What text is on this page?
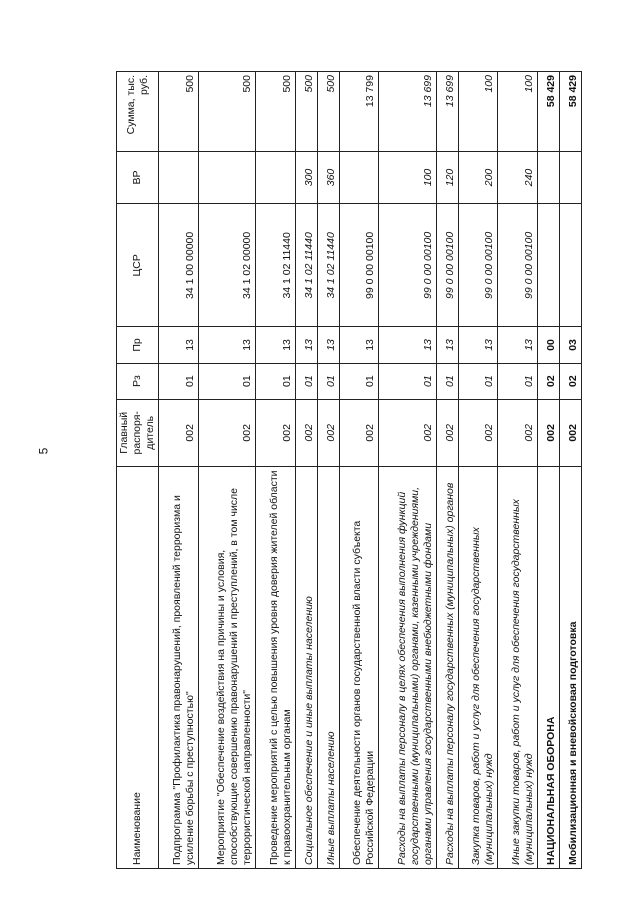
5
Наименование	Главный распоря-дитель	Рз	Пр	ЦСР	ВР	Сумма, тыс. руб.
Подпрограмма "Профилактика правонарушений, проявлений терроризма и усиление борьбы с преступностью"	002	01	13	34 1 00 00000		500
Мероприятие "Обеспечение воздействия на причины и условия, способствующие совершению правонарушений и преступлений, в том числе террористической направленности"	002	01	13	34 1 02 00000		500
Проведение мероприятий с целью повышения уровня доверия жителей области к правоохранительным органам	002	01	13	34 1 02 11440		500
Социальное обеспечение и иные выплаты населению	002	01	13	34 1 02 11440	300	500
Иные выплаты населению	002	01	13	34 1 02 11440	360	500
Обеспечение деятельности органов государственной власти субъекта Российской Федерации	002	01	13	99 0 00 00100		13 799
Расходы на выплаты персоналу в целях обеспечения выполнения функций государственными (муниципальными) органами, казенными учреждениями, органами управления государственными внебюджетными фондами	002	01	13	99 0 00 00100	100	13 699
Расходы на выплаты персоналу государственных (муниципальных) органов	002	01	13	99 0 00 00100	120	13 699
Закупка товаров, работ и услуг для обеспечения государственных (муниципальных) нужд	002	01	13	99 0 00 00100	200	100
Иные закупки товаров, работ и услуг для обеспечения государственных (муниципальных) нужд	002	01	13	99 0 00 00100	240	100
НАЦИОНАЛЬНАЯ ОБОРОНА	002	02	00			58 429
Мобилизационная и вневойсковая подготовка	002	02	03			58 429
